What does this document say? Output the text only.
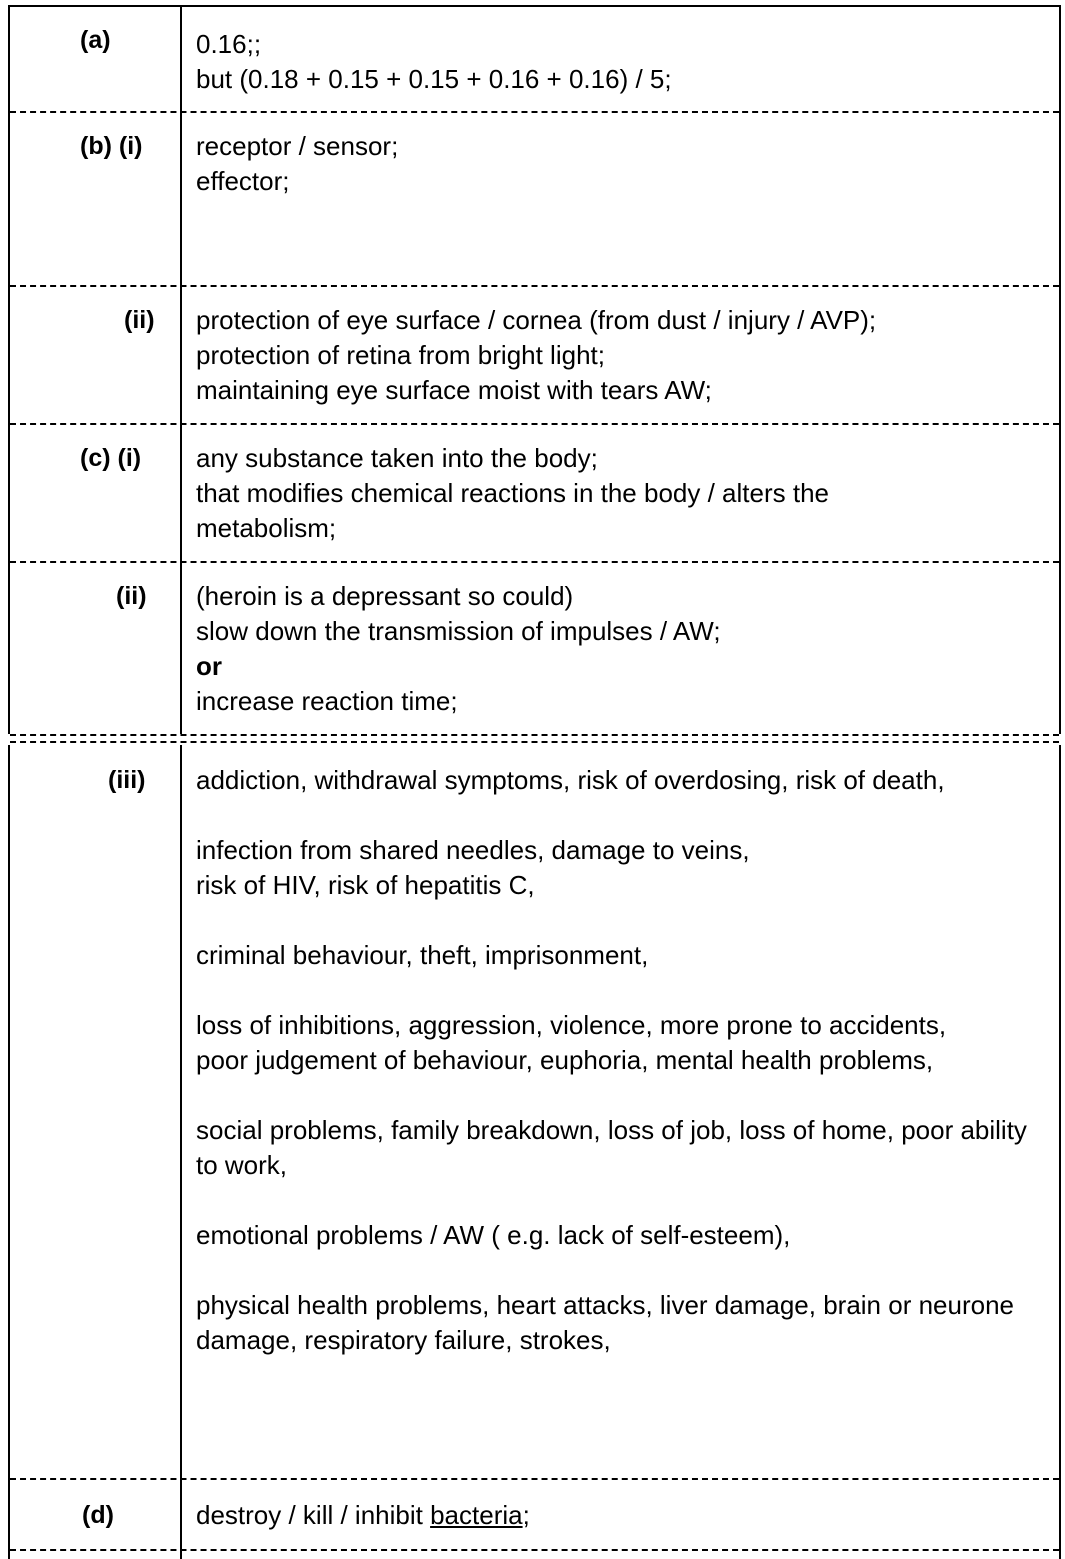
(a)	0.16;;

but (0.18 + 0.15 + 0.15 + 0.16 + 0.16) / 5;

(b) (i) receptor / sensor;

effector;

(ii) protection of eye surface / cornea (from dust / injury / AVP);

protection of retina from bright light;

maintaining eye surface moist with tears AW;

(c) (i) any substance taken into the body;

that modifies chemical reactions in the body / alters the metabolism;

(ii) (heroin is a depressant so could)

slow down the transmission of impulses / AW;

or

increase reaction time;

(iii) addiction, withdrawal symptoms, risk of overdosing, risk of death,

infection from shared needles, damage to veins,

risk of HIV, risk of hepatitis C,

criminal behaviour, theft, imprisonment,

loss of inhibitions, aggression, violence, more prone to accidents, poor judgement of behaviour, euphoria, mental health problems,

social problems, family breakdown, loss of job, loss of home, poor ability to work,

emotional problems / AW ( e.g. lack of self-esteem),

physical health problems, heart attacks, liver damage, brain or neurone damage, respiratory failure, strokes,

(d)	destroy / kill / inhibit bacteria;
